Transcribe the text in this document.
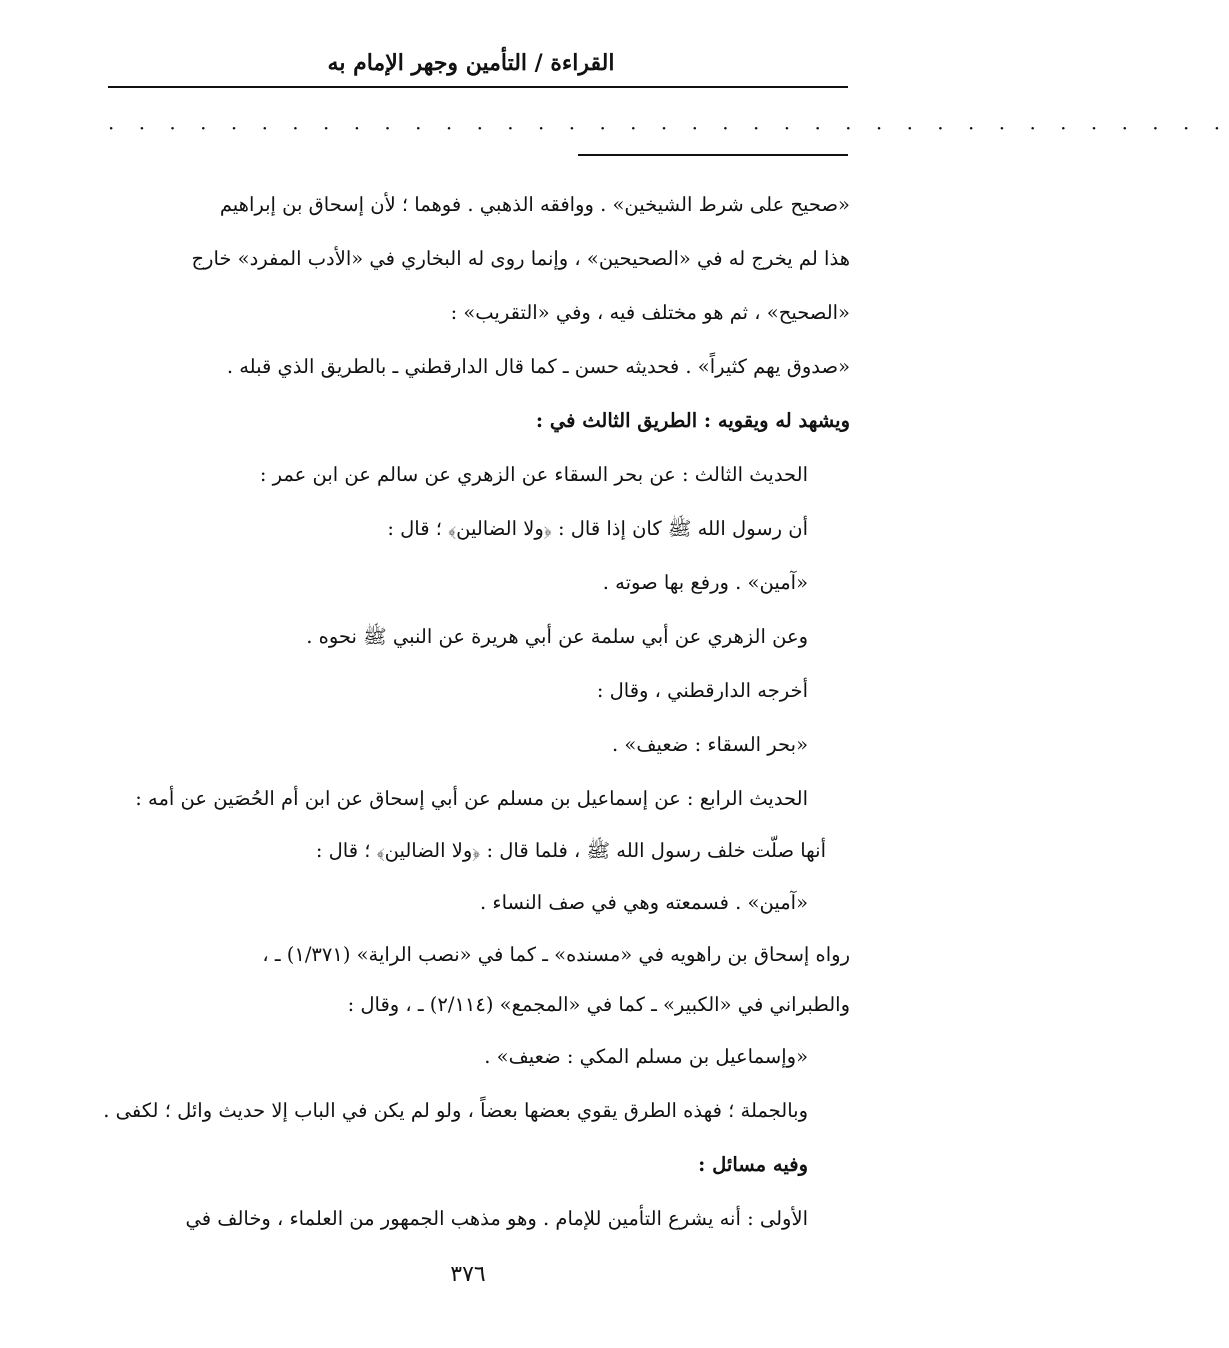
القراءة / التأمين وجهر الإمام به
· · · · · · · · · · · · · · · · · · · · · · · · · · · · · · · · · · · · ·
«صحيح على شرط الشيخين» . ووافقه الذهبي . فوهما ؛ لأن إسحاق بن إبراهيم
هذا لم يخرج له في «الصحيحين» ، وإنما روى له البخاري في «الأدب المفرد» خارج
«الصحيح» ، ثم هو مختلف فيه ، وفي «التقريب» :
«صدوق يهم كثيراً» . فحديثه حسن ـ كما قال الدارقطني ـ بالطريق الذي قبله .
ويشهد له ويقويه : الطريق الثالث في :
الحديث الثالث : عن بحر السقاء عن الزهري عن سالم عن ابن عمر :
أن رسول الله ﷺ كان إذا قال : ﴿ولا الضالين﴾ ؛ قال :
«آمين» . ورفع بها صوته .
وعن الزهري عن أبي سلمة عن أبي هريرة عن النبي ﷺ نحوه .
أخرجه الدارقطني ، وقال :
«بحر السقاء : ضعيف» .
الحديث الرابع : عن إسماعيل بن مسلم عن أبي إسحاق عن ابن أم الحُصَين عن أمه :
أنها صلّت خلف رسول الله ﷺ ، فلما قال : ﴿ولا الضالين﴾ ؛ قال :
«آمين» . فسمعته وهي في صف النساء .
رواه إسحاق بن راهويه في «مسنده» ـ كما في «نصب الراية» (١/٣٧١) ـ ،
والطبراني في «الكبير» ـ كما في «المجمع» (٢/١١٤) ـ ، وقال :
«وإسماعيل بن مسلم المكي : ضعيف» .
وبالجملة ؛ فهذه الطرق يقوي بعضها بعضاً ، ولو لم يكن في الباب إلا حديث وائل ؛ لكفى .
وفيه مسائل :
الأولى : أنه يشرع التأمين للإمام . وهو مذهب الجمهور من العلماء ، وخالف في
٣٧٦
